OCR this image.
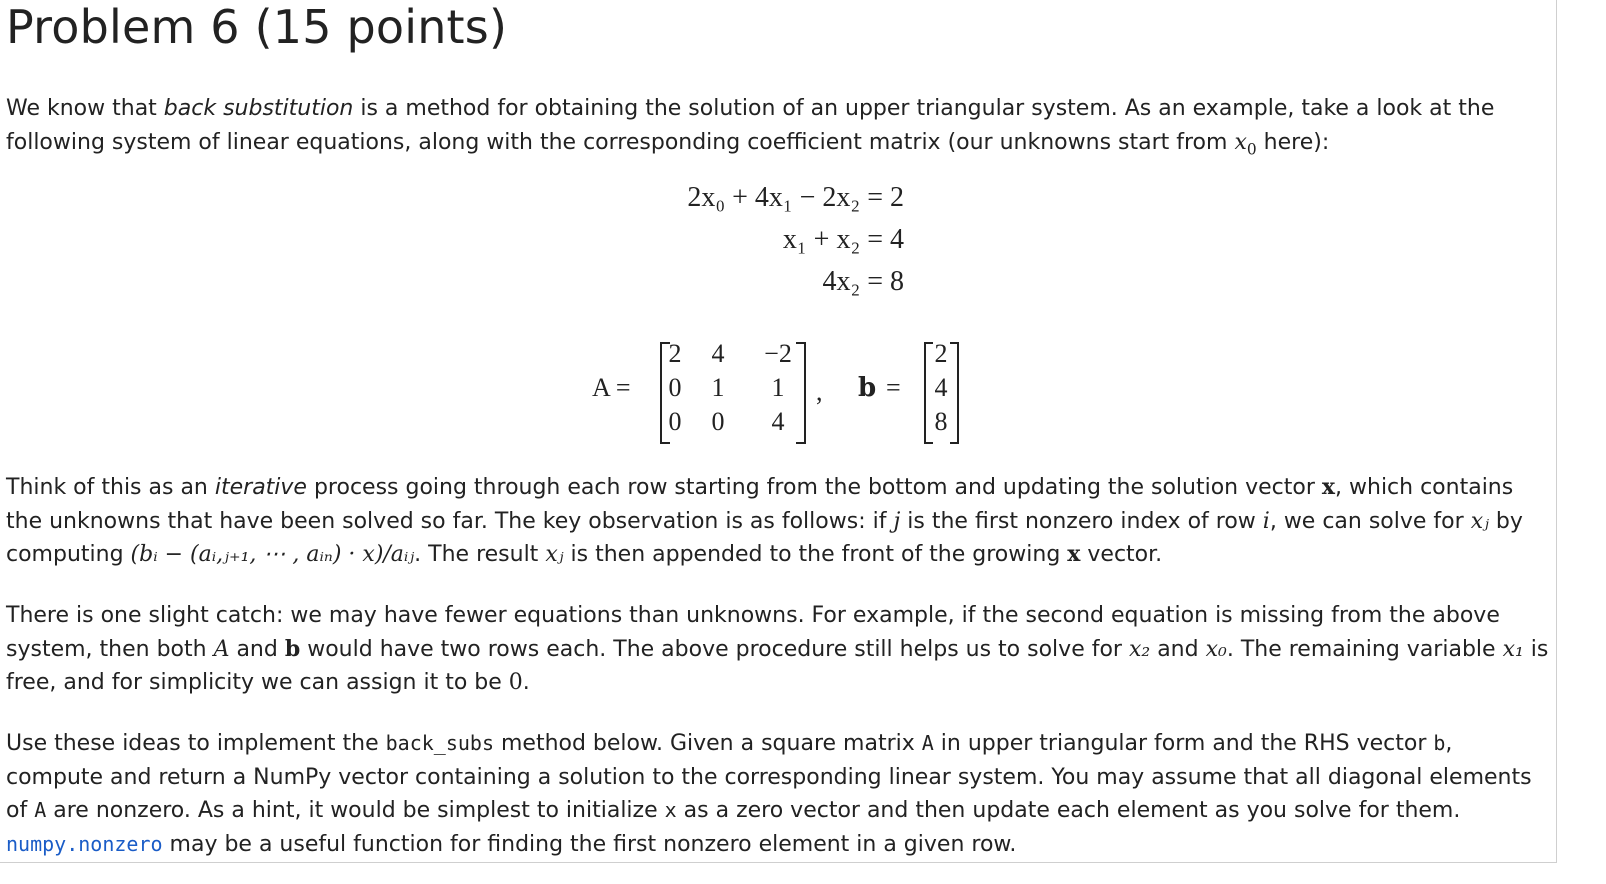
Problem 6 (15 points)

We know that back substitution is a method for obtaining the solution of an upper triangular system. As an example, take a look at the following system of linear equations, along with the corresponding coefficient matrix (our unknowns start from $x_0$ here):

2x₀ + 4x₁ − 2x₂ = 2
x₁ + x₂ = 4
4x₂ = 8
A =
2	4	−2
0	1	1
0	0	4
, b =
2
4
8

Think of this as an iterative process going through each row starting from the bottom and updating the solution vector x, which contains the unknowns that have been solved so far. The key observation is as follows: if j is the first nonzero index of row i, we can solve for xⱼ by computing (bᵢ − (aᵢ,ⱼ₊₁, ⋯ , aᵢₙ) · x)/aᵢⱼ. The result xⱼ is then appended to the front of the growing x vector.

There is one slight catch: we may have fewer equations than unknowns. For example, if the second equation is missing from the above system, then both A and b would have two rows each. The above procedure still helps us to solve for x₂ and x₀. The remaining variable x₁ is free, and for simplicity we can assign it to be 0.

Use these ideas to implement the back_subs method below. Given a square matrix A in upper triangular form and the RHS vector b, compute and return a NumPy vector containing a solution to the corresponding linear system. You may assume that all diagonal elements of A are nonzero. As a hint, it would be simplest to initialize x as a zero vector and then update each element as you solve for them. numpy.nonzero may be a useful function for finding the first nonzero element in a given row.
